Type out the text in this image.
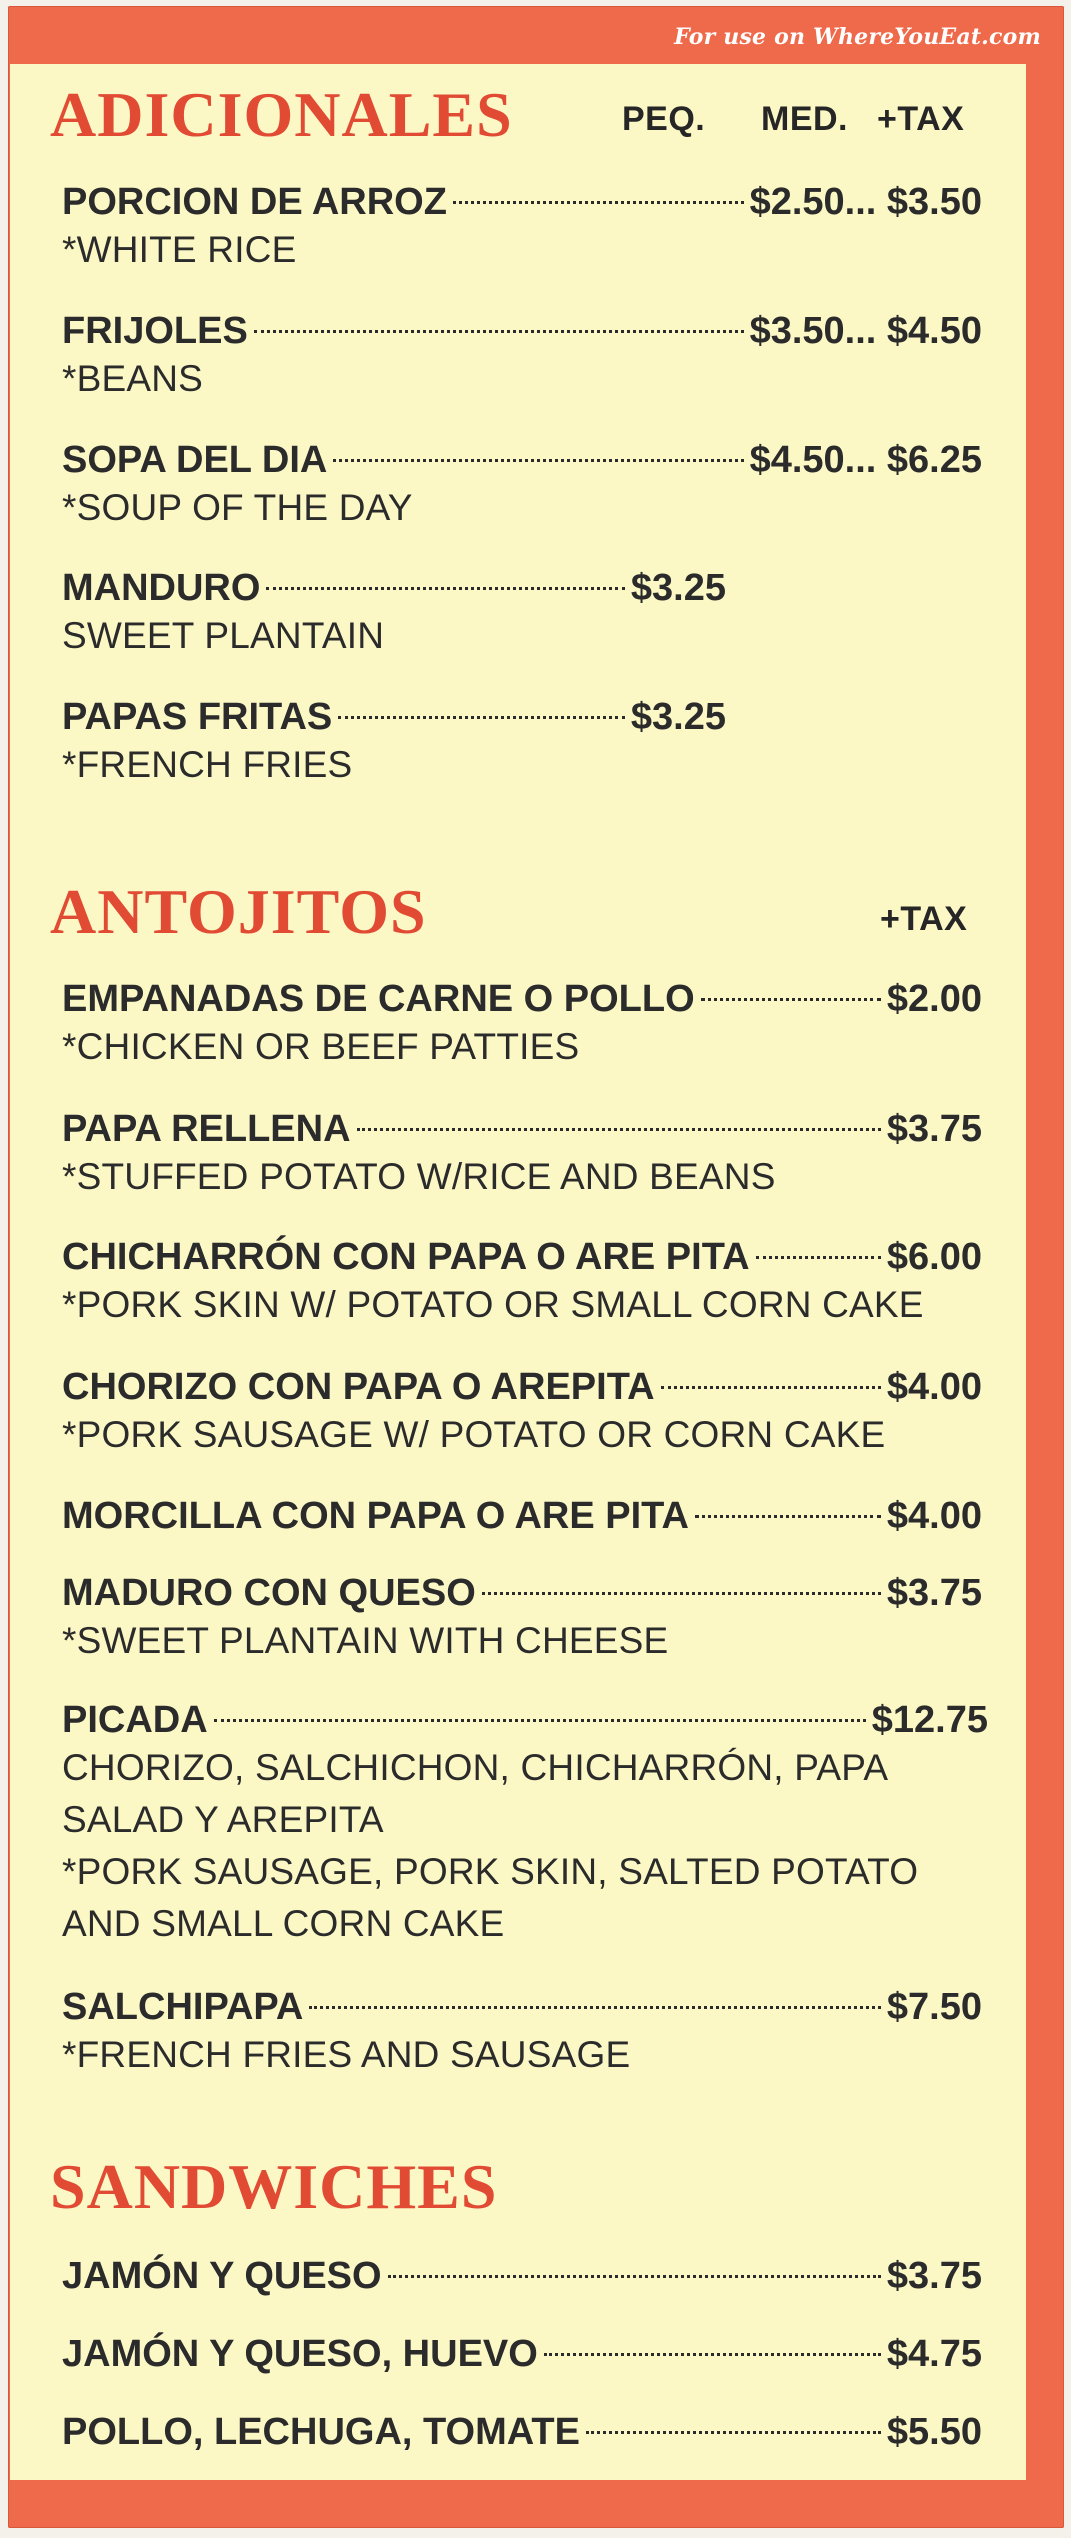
For use on WhereYouEat.com
ADICIONALES	PEQ. MED. +TAX
PORCION DE ARROZ	$2.50... $3.50
*WHITE RICE
FRIJOLES	$3.50... $4.50
*BEANS
SOPA DEL DIA	$4.50... $6.25
*SOUP OF THE DAY
MANDURO	$3.25
SWEET PLANTAIN
PAPAS FRITAS	$3.25
*FRENCH FRIES
ANTOJITOS	+TAX
EMPANADAS DE CARNE O POLLO	$2.00
*CHICKEN OR BEEF PATTIES
PAPA RELLENA	$3.75
*STUFFED POTATO W/RICE AND BEANS
CHICHARRÓN CON PAPA O ARE PITA	$6.00
*PORK SKIN W/ POTATO OR SMALL CORN CAKE
CHORIZO CON PAPA O AREPITA	$4.00
*PORK SAUSAGE W/ POTATO OR CORN CAKE
MORCILLA CON PAPA O ARE PITA	$4.00
MADURO CON QUESO	$3.75
*SWEET PLANTAIN WITH CHEESE
PICADA	$12.75
CHORIZO, SALCHICHON, CHICHARRÓN, PAPA
SALAD Y AREPITA
*PORK SAUSAGE, PORK SKIN, SALTED POTATO
AND SMALL CORN CAKE
SALCHIPAPA	$7.50
*FRENCH FRIES AND SAUSAGE
SANDWICHES
JAMÓN Y QUESO	$3.75
JAMÓN Y QUESO, HUEVO	$4.75
POLLO, LECHUGA, TOMATE	$5.50
